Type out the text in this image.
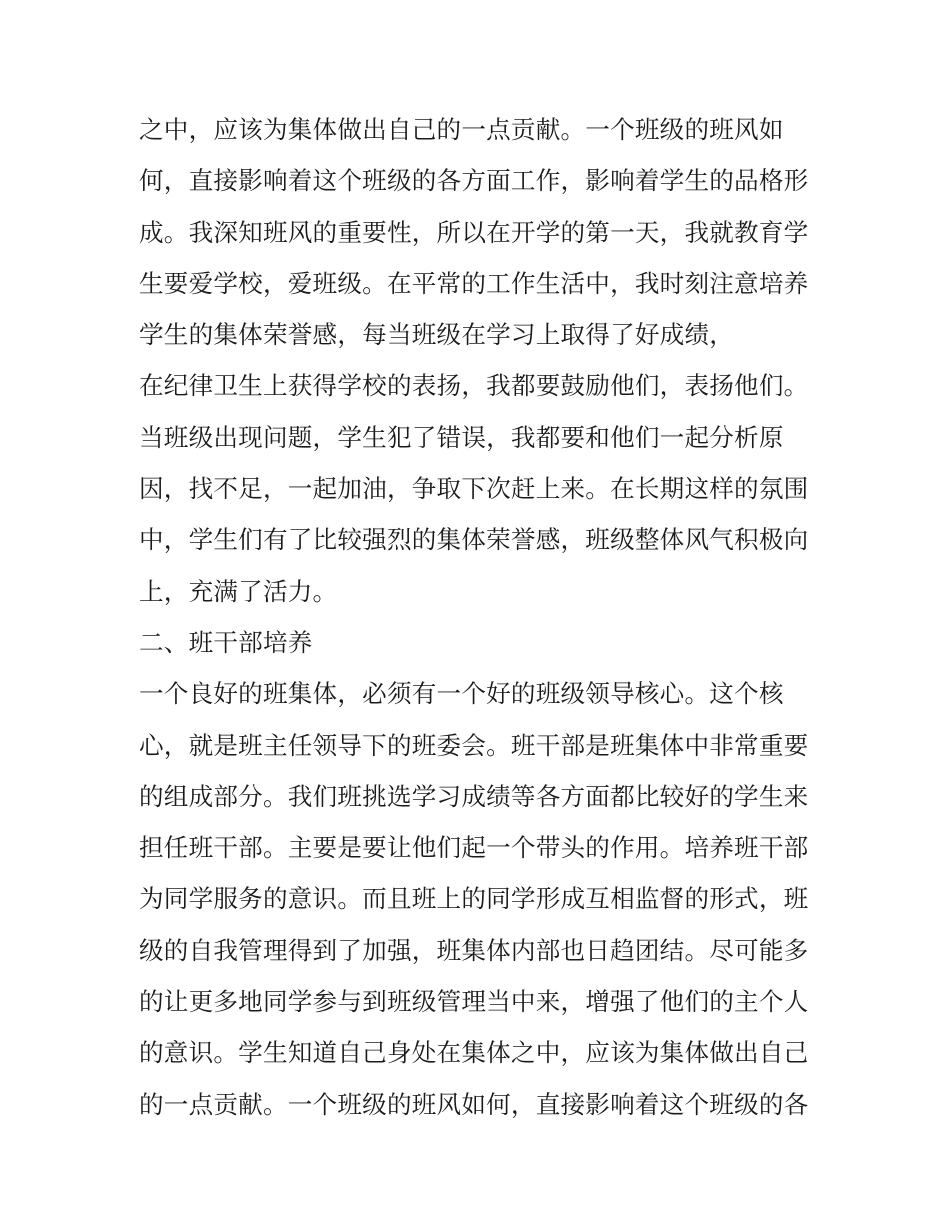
之中，应该为集体做出自己的一点贡献。一个班级的班风如
何，直接影响着这个班级的各方面工作，影响着学生的品格形
成。我深知班风的重要性，所以在开学的第一天，我就教育学
生要爱学校，爱班级。在平常的工作生活中，我时刻注意培养
学生的集体荣誉感，每当班级在学习上取得了好成绩，
在纪律卫生上获得学校的表扬，我都要鼓励他们，表扬他们。
当班级出现问题，学生犯了错误，我都要和他们一起分析原
因，找不足，一起加油，争取下次赶上来。在长期这样的氛围
中，学生们有了比较强烈的集体荣誉感，班级整体风气积极向
上，充满了活力。
二、班干部培养
一个良好的班集体，必须有一个好的班级领导核心。这个核
心，就是班主任领导下的班委会。班干部是班集体中非常重要
的组成部分。我们班挑选学习成绩等各方面都比较好的学生来
担任班干部。主要是要让他们起一个带头的作用。培养班干部
为同学服务的意识。而且班上的同学形成互相监督的形式，班
级的自我管理得到了加强，班集体内部也日趋团结。尽可能多
的让更多地同学参与到班级管理当中来，增强了他们的主个人
的意识。学生知道自己身处在集体之中，应该为集体做出自己
的一点贡献。一个班级的班风如何，直接影响着这个班级的各
